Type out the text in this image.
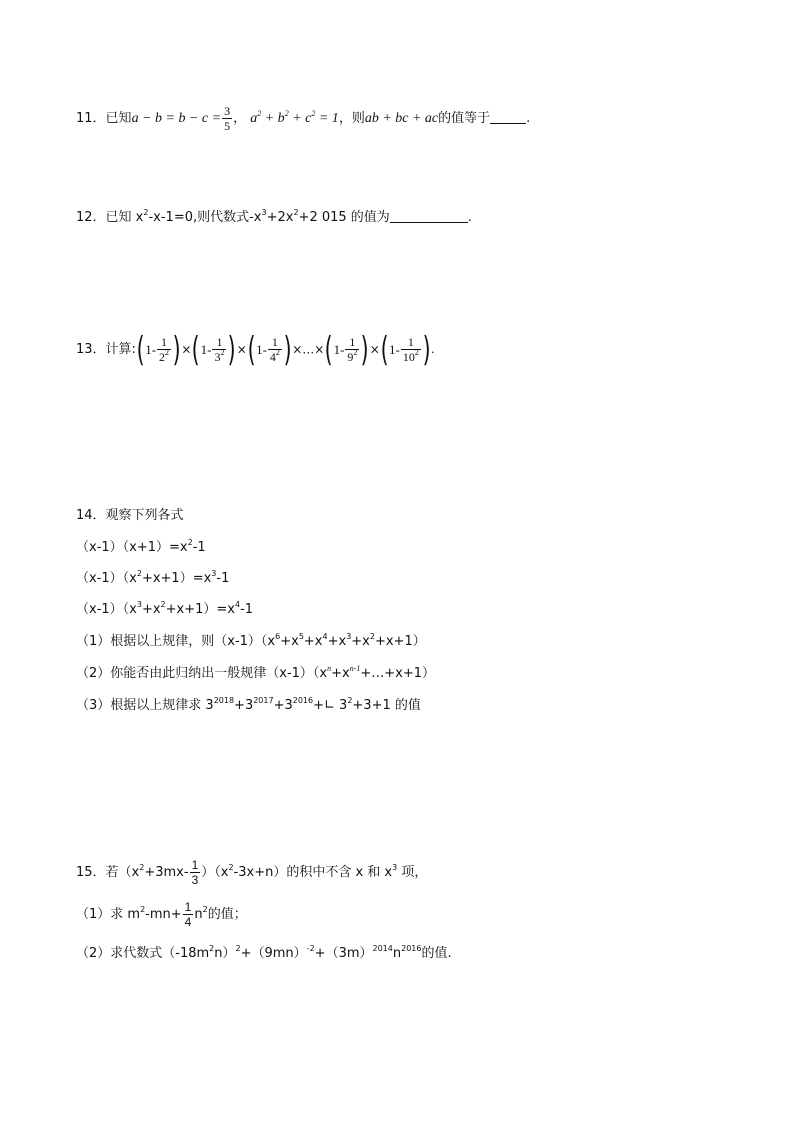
11．已知$a - b = b - c = \frac{3}{5}$ ， $a^2 + b^2 + c^2 = 1$，则ab + bc + ac的值等于	.
12．已知 $x^2-x-1=0$,则代数式$-x^3+2x^2+2$ 015 的值为	.
13．计算:(1- $\frac{1}{2^2} )\times(1- \frac{1}{3^2} )\times(1- \frac{1}{4^2}$ )×…×(1- $\frac{1}{9^2} )\times(1- \frac{1}{10^2}$ ).
14．观察下列各式
$(x-1)(x+1)=x^2-1$
$(x-1)(x^2+x+1)=x^3-1$
$(x-1)(x^3+x^2+x+1)=x^4-1$
（1）根据以上规律，则$(x-1)(x^6+x^5+x^4+x^3+x^2+x+1)$
（2）你能否由此归纳出一般规律$(x-1)(x^n+x^{n-1}+\dots+x+1)$
（3）根据以上规律求 $3^{2018}+3^{2017}+3^{2016}+∟$ $3^2+3+1$ 的值
15．若$(x^2+3mx- \frac{1}{3} )(x^2-3x+n)$的积中不含 x 和 $x^3$ 项，
（1）求 $m^2-mn+ \frac{1}{4} n^2$的值；
（2）求代数式$(-18m^2n)^2+(9mn)^{-2}+(3m)^{2014}n^{2016}$的值.
